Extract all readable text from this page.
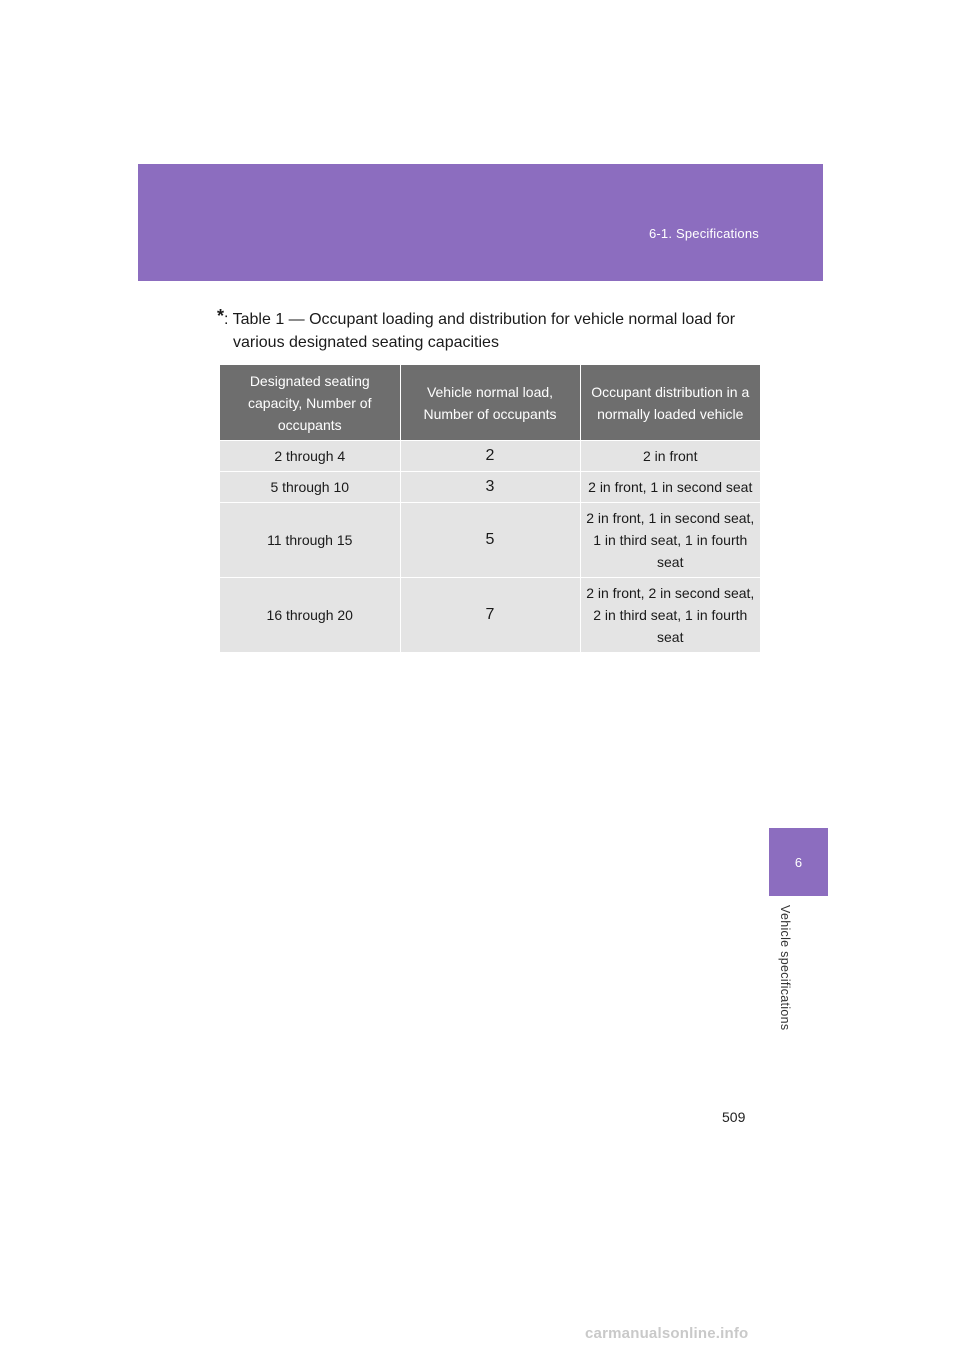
6-1. Specifications
6
Vehicle specifications
*: Table 1 — Occupant loading and distribution for vehicle normal load for
various designated seating capacities
Designated seating capacity, Number of occupants	Vehicle normal load, Number of occupants	Occupant distribution in a normally loaded vehicle
2 through 4	2	2 in front
5 through 10	3	2 in front, 1 in second seat
11 through 15	5	2 in front, 1 in second seat, 1 in third seat, 1 in fourth seat
16 through 20	7	2 in front, 2 in second seat, 2 in third seat, 1 in fourth seat
509
carmanualsonline.info
